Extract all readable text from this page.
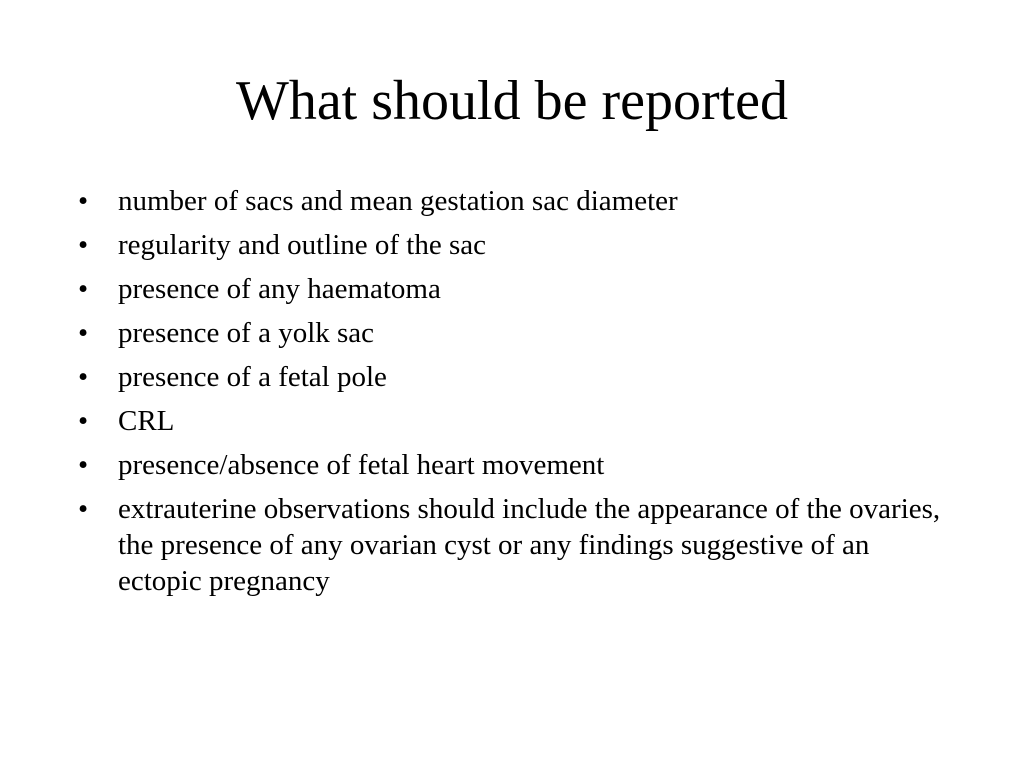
What should be reported
• number of sacs and mean gestation sac diameter
• regularity and outline of the sac
• presence of any haematoma
• presence of a yolk sac
• presence of a fetal pole
• CRL
• presence/absence of fetal heart movement
• extrauterine observations should include the appearance of the ovaries, the presence of any ovarian cyst or any findings suggestive of an ectopic pregnancy
